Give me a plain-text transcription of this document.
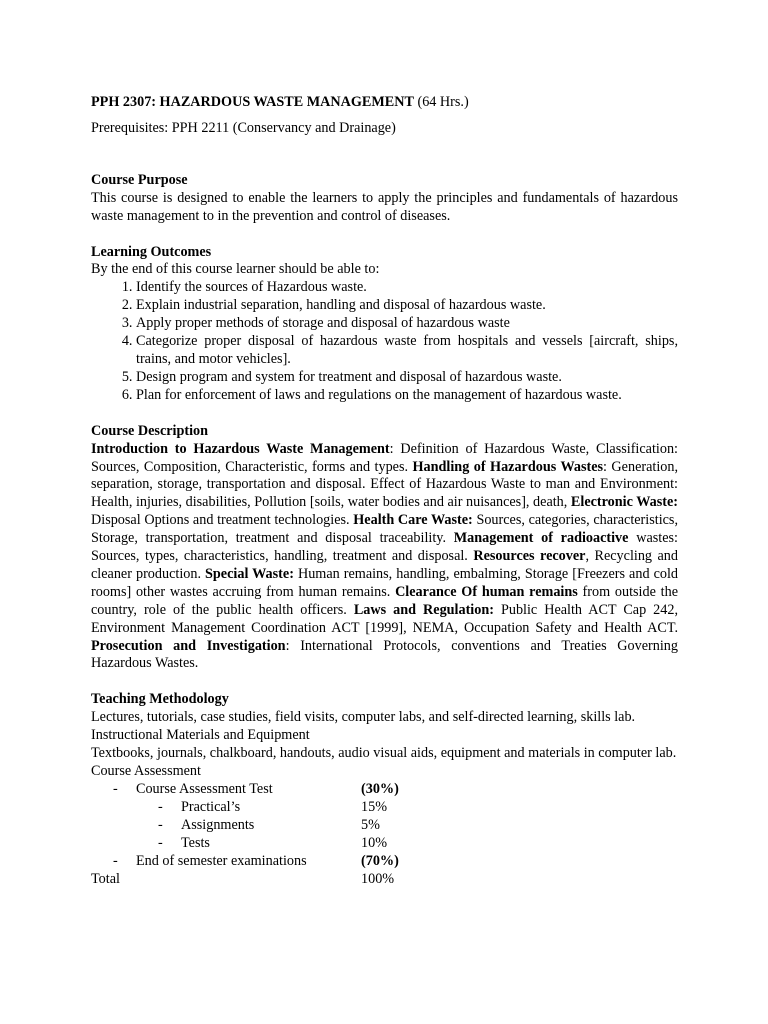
PPH 2307: HAZARDOUS WASTE MANAGEMENT (64 Hrs.)

Prerequisites: PPH 2211 (Conservancy and Drainage)

Course Purpose

This course is designed to enable the learners to apply the principles and fundamentals of hazardous waste management to in the prevention and control of diseases.

Learning Outcomes

By the end of this course learner should be able to:

1. Identify the sources of Hazardous waste.
2. Explain industrial separation, handling and disposal of hazardous waste.
3. Apply proper methods of storage and disposal of hazardous waste
4. Categorize proper disposal of hazardous waste from hospitals and vessels [aircraft, ships, trains, and motor vehicles].
5. Design program and system for treatment and disposal of hazardous waste.
6. Plan for enforcement of laws and regulations on the management of hazardous waste.

Course Description

Introduction to Hazardous Waste Management: Definition of Hazardous Waste, Classification: Sources, Composition, Characteristic, forms and types. Handling of Hazardous Wastes: Generation, separation, storage, transportation and disposal. Effect of Hazardous Waste to man and Environment: Health, injuries, disabilities, Pollution [soils, water bodies and air nuisances], death, Electronic Waste: Disposal Options and treatment technologies. Health Care Waste: Sources, categories, characteristics, Storage, transportation, treatment and disposal traceability. Management of radioactive wastes: Sources, types, characteristics, handling, treatment and disposal. Resources recover, Recycling and cleaner production. Special Waste: Human remains, handling, embalming, Storage [Freezers and cold rooms] other wastes accruing from human remains. Clearance Of human remains from outside the country, role of the public health officers. Laws and Regulation: Public Health ACT Cap 242, Environment Management Coordination ACT [1999], NEMA, Occupation Safety and Health ACT. Prosecution and Investigation: International Protocols, conventions and Treaties Governing Hazardous Wastes.

Teaching Methodology

Lectures, tutorials, case studies, field visits, computer labs, and self-directed learning, skills lab.

Instructional Materials and Equipment

Textbooks, journals, chalkboard, handouts, audio visual aids, equipment and materials in computer lab.

Course Assessment

- Course Assessment Test	(30%)
- Practical’s	15%
- Assignments	5%
- Tests	10%
- End of semester examinations	(70%)
Total	100%
